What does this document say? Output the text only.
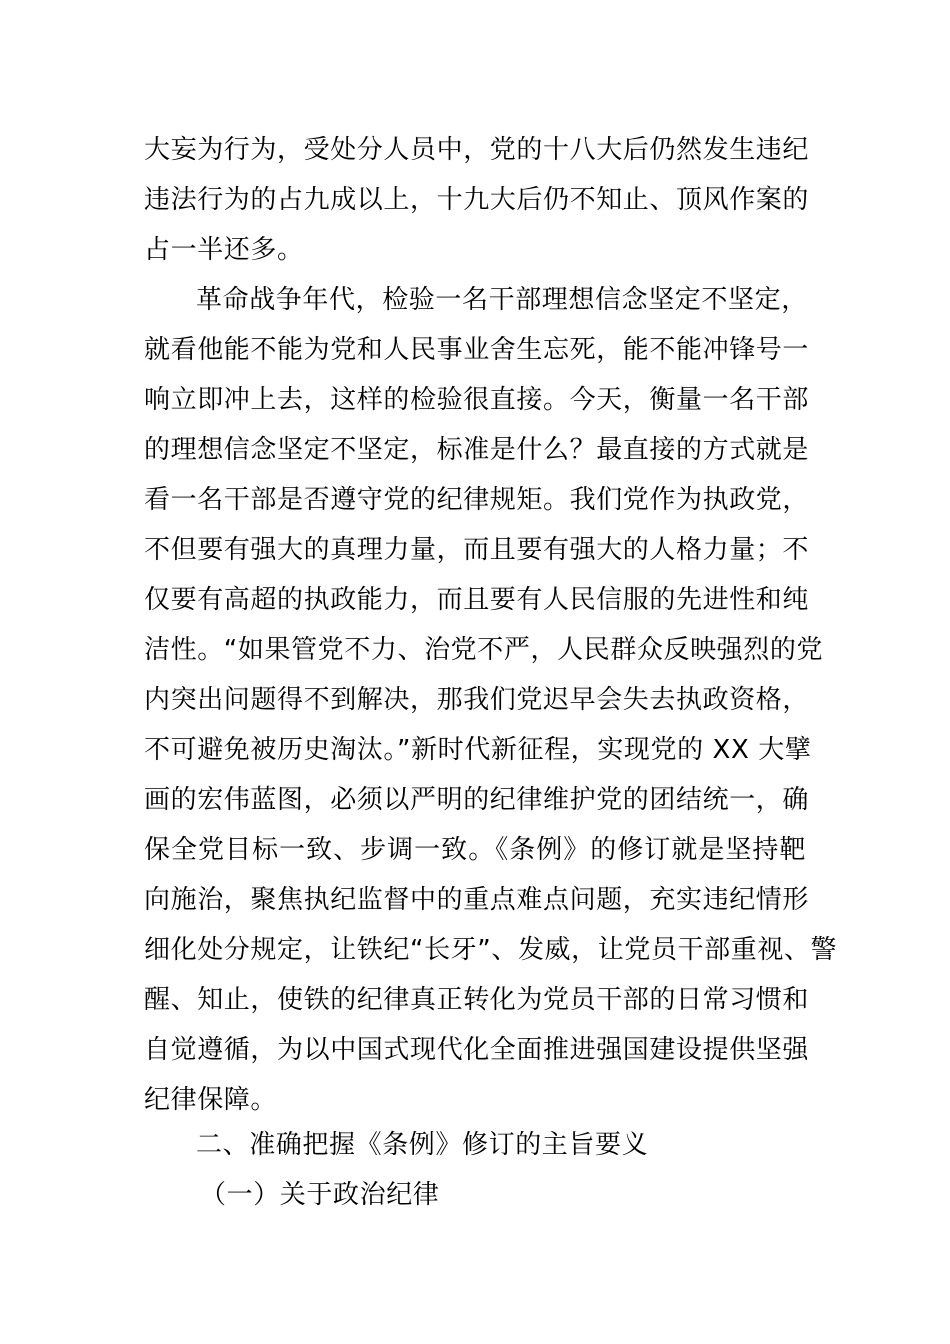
大妄为行为，受处分人员中，党的十八大后仍然发生违纪
违法行为的占九成以上，十九大后仍不知止、顶风作案的
占一半还多。
革命战争年代，检验一名干部理想信念坚定不坚定，
就看他能不能为党和人民事业舍生忘死，能不能冲锋号一
响立即冲上去，这样的检验很直接。今天，衡量一名干部
的理想信念坚定不坚定，标准是什么？最直接的方式就是
看一名干部是否遵守党的纪律规矩。我们党作为执政党，
不但要有强大的真理力量，而且要有强大的人格力量；不
仅要有高超的执政能力，而且要有人民信服的先进性和纯
洁性。“如果管党不力、治党不严，人民群众反映强烈的党
内突出问题得不到解决，那我们党迟早会失去执政资格，
不可避免被历史淘汰。”新时代新征程，实现党的 XX 大擘
画的宏伟蓝图，必须以严明的纪律维护党的团结统一，确
保全党目标一致、步调一致。《条例》的修订就是坚持靶
向施治，聚焦执纪监督中的重点难点问题，充实违纪情形
细化处分规定，让铁纪“长牙”、发威，让党员干部重视、警
醒、知止，使铁的纪律真正转化为党员干部的日常习惯和
自觉遵循，为以中国式现代化全面推进强国建设提供坚强
纪律保障。
二、准确把握《条例》修订的主旨要义
（一）关于政治纪律
